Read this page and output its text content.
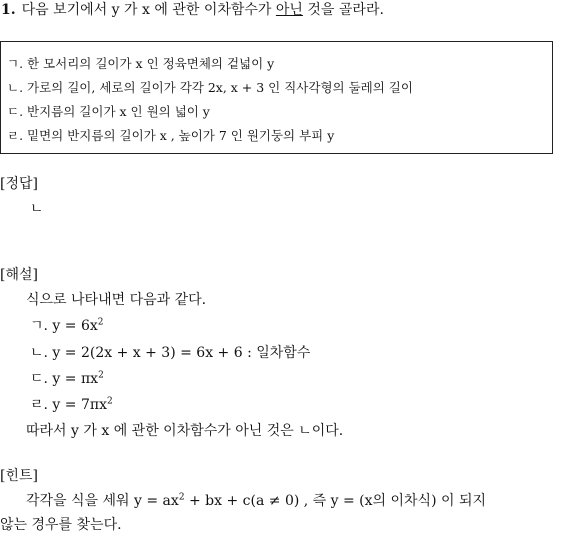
1. 다음 보기에서 y 가 x 에 관한 이차함수가 아닌 것을 골라라.
ㄱ. 한 모서리의 길이가 x 인 정육면체의 겉넓이 y
ㄴ. 가로의 길이, 세로의 길이가 각각 2x, x + 3 인 직사각형의 둘레의 길이
ㄷ. 반지름의 길이가 x 인 원의 넓이 y
ㄹ. 밑면의 반지름의 길이가 x , 높이가 7 인 원기둥의 부피 y
[정답]
ㄴ
[해설]
식으로 나타내면 다음과 같다.
ㄱ. $y = 6x^2$
ㄴ. y = 2(2x + x + 3) = 6x + 6 : 일차함수
ㄷ. $y = \pi x^2$
ㄹ. $y = 7\pi x^2$
따라서 y 가 x 에 관한 이차함수가 아닌 것은 ㄴ이다.
[힌트]
각각을 식을 세워 $y = ax^2$ + bx + c(a ≠ 0) , 즉 y = (x의 이차식) 이 되지
않는 경우를 찾는다.
